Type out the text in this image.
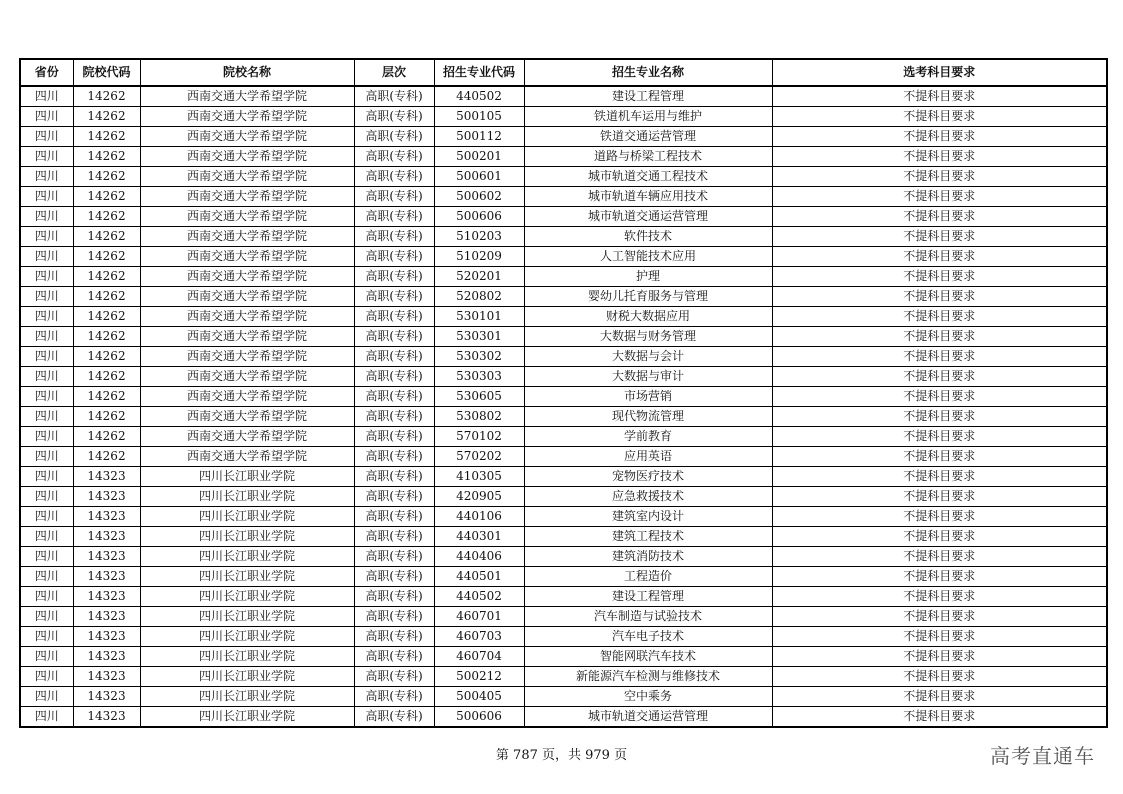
省份	院校代码	院校名称	层次	招生专业代码	招生专业名称	选考科目要求
四川	14262	西南交通大学希望学院	高职(专科)	440502	建设工程管理	不提科目要求
四川	14262	西南交通大学希望学院	高职(专科)	500105	铁道机车运用与维护	不提科目要求
四川	14262	西南交通大学希望学院	高职(专科)	500112	铁道交通运营管理	不提科目要求
四川	14262	西南交通大学希望学院	高职(专科)	500201	道路与桥梁工程技术	不提科目要求
四川	14262	西南交通大学希望学院	高职(专科)	500601	城市轨道交通工程技术	不提科目要求
四川	14262	西南交通大学希望学院	高职(专科)	500602	城市轨道车辆应用技术	不提科目要求
四川	14262	西南交通大学希望学院	高职(专科)	500606	城市轨道交通运营管理	不提科目要求
四川	14262	西南交通大学希望学院	高职(专科)	510203	软件技术	不提科目要求
四川	14262	西南交通大学希望学院	高职(专科)	510209	人工智能技术应用	不提科目要求
四川	14262	西南交通大学希望学院	高职(专科)	520201	护理	不提科目要求
四川	14262	西南交通大学希望学院	高职(专科)	520802	婴幼儿托育服务与管理	不提科目要求
四川	14262	西南交通大学希望学院	高职(专科)	530101	财税大数据应用	不提科目要求
四川	14262	西南交通大学希望学院	高职(专科)	530301	大数据与财务管理	不提科目要求
四川	14262	西南交通大学希望学院	高职(专科)	530302	大数据与会计	不提科目要求
四川	14262	西南交通大学希望学院	高职(专科)	530303	大数据与审计	不提科目要求
四川	14262	西南交通大学希望学院	高职(专科)	530605	市场营销	不提科目要求
四川	14262	西南交通大学希望学院	高职(专科)	530802	现代物流管理	不提科目要求
四川	14262	西南交通大学希望学院	高职(专科)	570102	学前教育	不提科目要求
四川	14262	西南交通大学希望学院	高职(专科)	570202	应用英语	不提科目要求
四川	14323	四川长江职业学院	高职(专科)	410305	宠物医疗技术	不提科目要求
四川	14323	四川长江职业学院	高职(专科)	420905	应急救援技术	不提科目要求
四川	14323	四川长江职业学院	高职(专科)	440106	建筑室内设计	不提科目要求
四川	14323	四川长江职业学院	高职(专科)	440301	建筑工程技术	不提科目要求
四川	14323	四川长江职业学院	高职(专科)	440406	建筑消防技术	不提科目要求
四川	14323	四川长江职业学院	高职(专科)	440501	工程造价	不提科目要求
四川	14323	四川长江职业学院	高职(专科)	440502	建设工程管理	不提科目要求
四川	14323	四川长江职业学院	高职(专科)	460701	汽车制造与试验技术	不提科目要求
四川	14323	四川长江职业学院	高职(专科)	460703	汽车电子技术	不提科目要求
四川	14323	四川长江职业学院	高职(专科)	460704	智能网联汽车技术	不提科目要求
四川	14323	四川长江职业学院	高职(专科)	500212	新能源汽车检测与维修技术	不提科目要求
四川	14323	四川长江职业学院	高职(专科)	500405	空中乘务	不提科目要求
四川	14323	四川长江职业学院	高职(专科)	500606	城市轨道交通运营管理	不提科目要求
第 787 页，共 979 页	高考直通车
